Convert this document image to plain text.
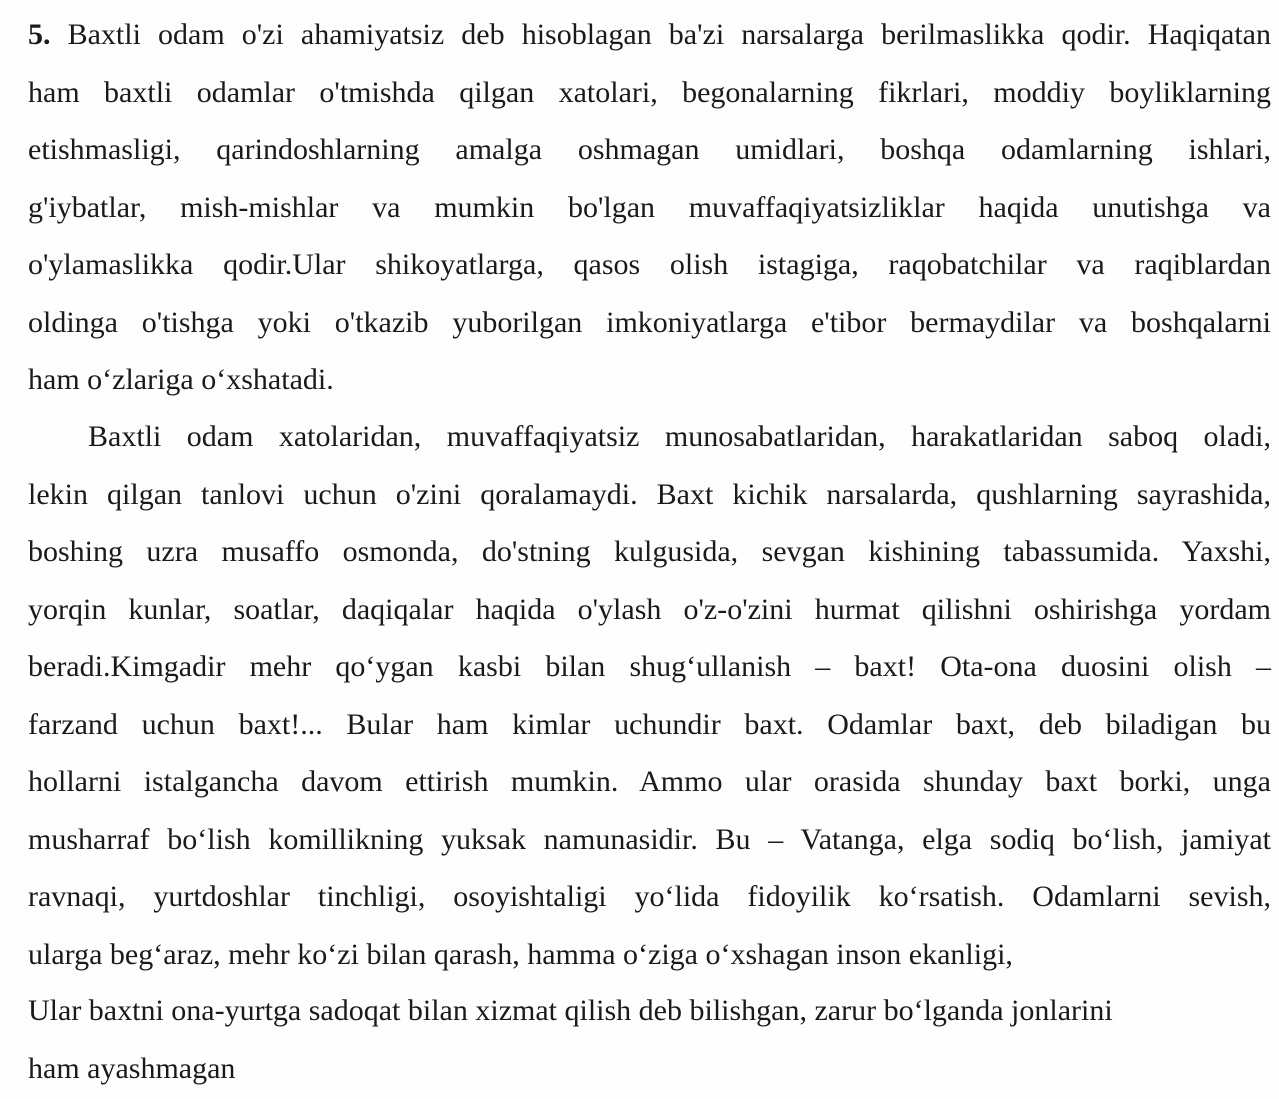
5. Baxtli odam o'zi ahamiyatsiz deb hisoblagan ba'zi narsalarga berilmaslikka qodir. Haqiqatan
ham baxtli odamlar o'tmishda qilgan xatolari, begonalarning fikrlari, moddiy boyliklarning
etishmasligi, qarindoshlarning amalga oshmagan umidlari, boshqa odamlarning ishlari,
g'iybatlar, mish-mishlar va mumkin bo'lgan muvaffaqiyatsizliklar haqida unutishga va
o'ylamaslikka qodir.Ular shikoyatlarga, qasos olish istagiga, raqobatchilar va raqiblardan
oldinga o'tishga yoki o'tkazib yuborilgan imkoniyatlarga e'tibor bermaydilar va boshqalarni
ham o‘zlariga o‘xshatadi.
Baxtli odam xatolaridan, muvaffaqiyatsiz munosabatlaridan, harakatlaridan saboq oladi,
lekin qilgan tanlovi uchun o'zini qoralamaydi. Baxt kichik narsalarda, qushlarning sayrashida,
boshing uzra musaffo osmonda, do'stning kulgusida, sevgan kishining tabassumida. Yaxshi,
yorqin kunlar, soatlar, daqiqalar haqida o'ylash o'z-o'zini hurmat qilishni oshirishga yordam
beradi.Kimgadir mehr qo‘ygan kasbi bilan shug‘ullanish – baxt! Ota-ona duosini olish –
farzand uchun baxt!... Bular ham kimlar uchundir baxt. Odamlar baxt, deb biladigan bu
hollarni istalgancha davom ettirish mumkin. Ammo ular orasida shunday baxt borki, unga
musharraf bo‘lish komillikning yuksak namunasidir. Bu – Vatanga, elga sodiq bo‘lish, jamiyat
ravnaqi, yurtdoshlar tinchligi, osoyishtaligi yo‘lida fidoyilik ko‘rsatish. Odamlarni sevish,
ularga beg‘araz, mehr ko‘zi bilan qarash, hamma o‘ziga o‘xshagan inson ekanligi,
Ular baxtni ona-yurtga sadoqat bilan xizmat qilish deb bilishgan, zarur bo‘lganda jonlarini
ham ayashmagan
